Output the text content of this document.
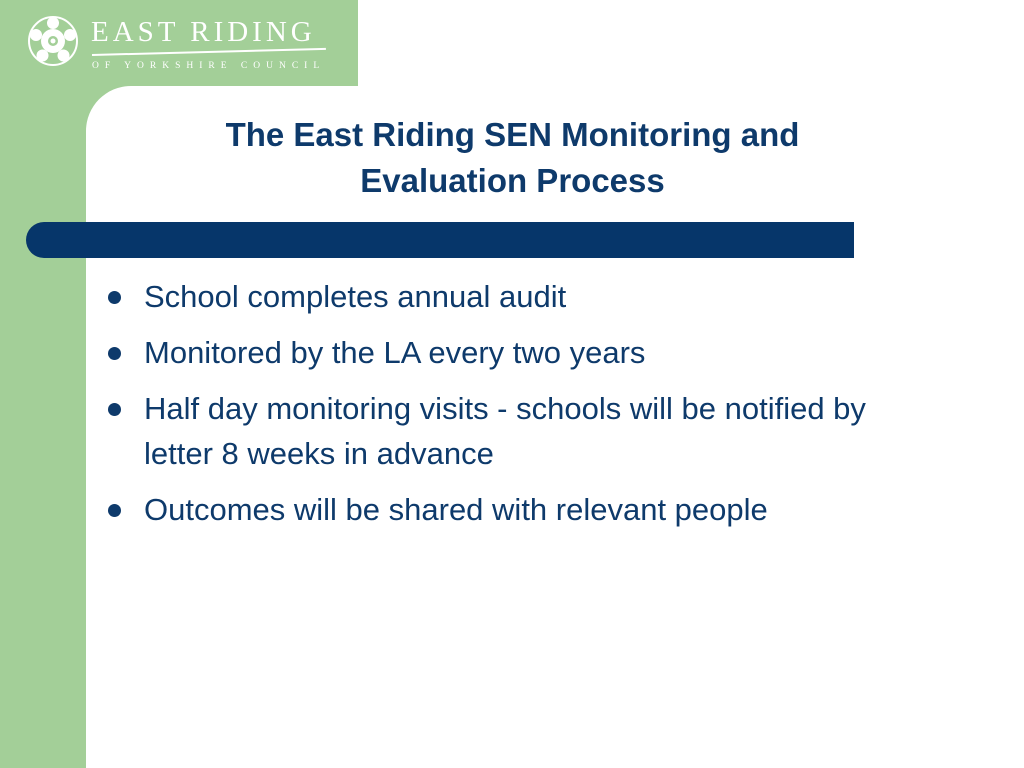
EAST RIDING
OF YORKSHIRE COUNCIL
The East Riding SEN Monitoring and Evaluation Process
School completes annual audit
Monitored by the LA every two years
Half day monitoring visits - schools will be notified by letter 8 weeks in advance
Outcomes will be shared with relevant people
